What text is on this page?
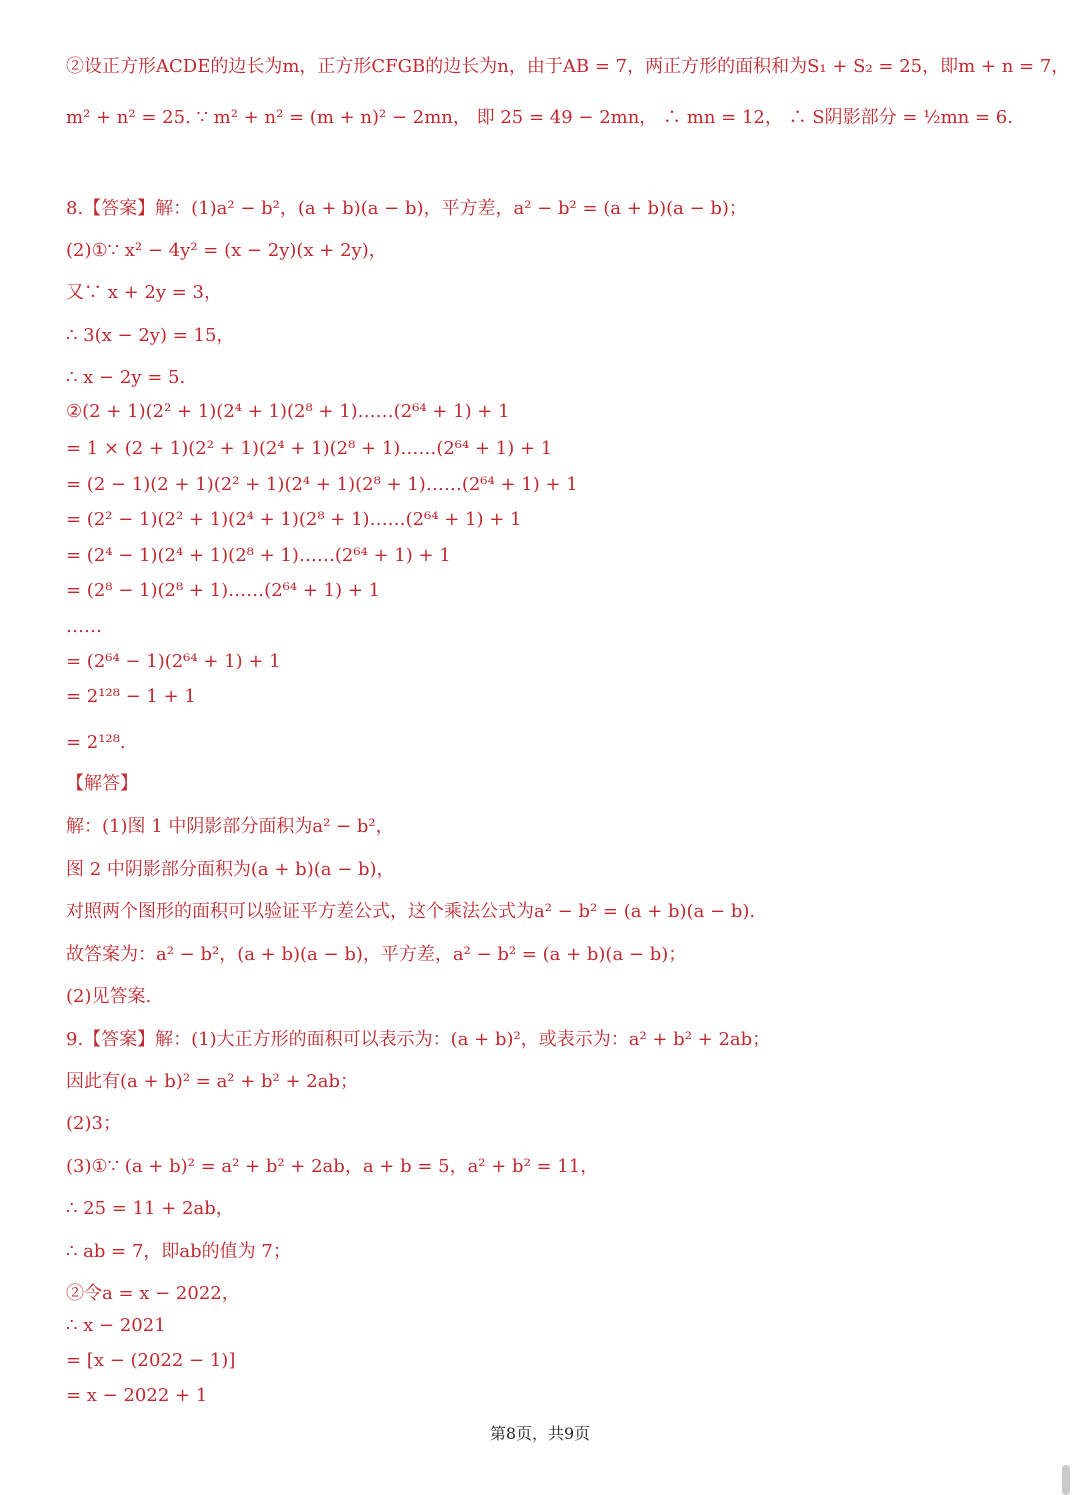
②设正方形ACDE的边长为m，正方形CFGB的边长为n，由于AB = 7，两正方形的面积和为S₁ + S₂ = 25，即m + n = 7，
m² + n² = 25. ∵ m² + n² = (m + n)² − 2mn， 即 25 = 49 − 2mn， ∴ mn = 12， ∴ S阴影部分 = ½mn = 6.
8.【答案】解：(1)a² − b²，(a + b)(a − b)，平方差，a² − b² = (a + b)(a − b)；
(2)①∵ x² − 4y² = (x − 2y)(x + 2y)，
又∵ x + 2y = 3，
∴ 3(x − 2y) = 15，
∴ x − 2y = 5.
②(2 + 1)(2² + 1)(2⁴ + 1)(2⁸ + 1)……(2⁶⁴ + 1) + 1
= 1 × (2 + 1)(2² + 1)(2⁴ + 1)(2⁸ + 1)……(2⁶⁴ + 1) + 1
= (2 − 1)(2 + 1)(2² + 1)(2⁴ + 1)(2⁸ + 1)……(2⁶⁴ + 1) + 1
= (2² − 1)(2² + 1)(2⁴ + 1)(2⁸ + 1)……(2⁶⁴ + 1) + 1
= (2⁴ − 1)(2⁴ + 1)(2⁸ + 1)……(2⁶⁴ + 1) + 1
= (2⁸ − 1)(2⁸ + 1)……(2⁶⁴ + 1) + 1
……
= (2⁶⁴ − 1)(2⁶⁴ + 1) + 1
= 2¹²⁸ − 1 + 1
= 2¹²⁸.
【解答】
解：(1)图 1 中阴影部分面积为a² − b²，
图 2 中阴影部分面积为(a + b)(a − b)，
对照两个图形的面积可以验证平方差公式，这个乘法公式为a² − b² = (a + b)(a − b).
故答案为：a² − b²，(a + b)(a − b)，平方差，a² − b² = (a + b)(a − b)；
(2)见答案.
9.【答案】解：(1)大正方形的面积可以表示为：(a + b)²，或表示为：a² + b² + 2ab；
因此有(a + b)² = a² + b² + 2ab；
(2)3；
(3)①∵ (a + b)² = a² + b² + 2ab，a + b = 5，a² + b² = 11，
∴ 25 = 11 + 2ab，
∴ ab = 7，即ab的值为 7；
②令a = x − 2022，
∴ x − 2021
= [x − (2022 − 1)]
= x − 2022 + 1
第8页，共9页
